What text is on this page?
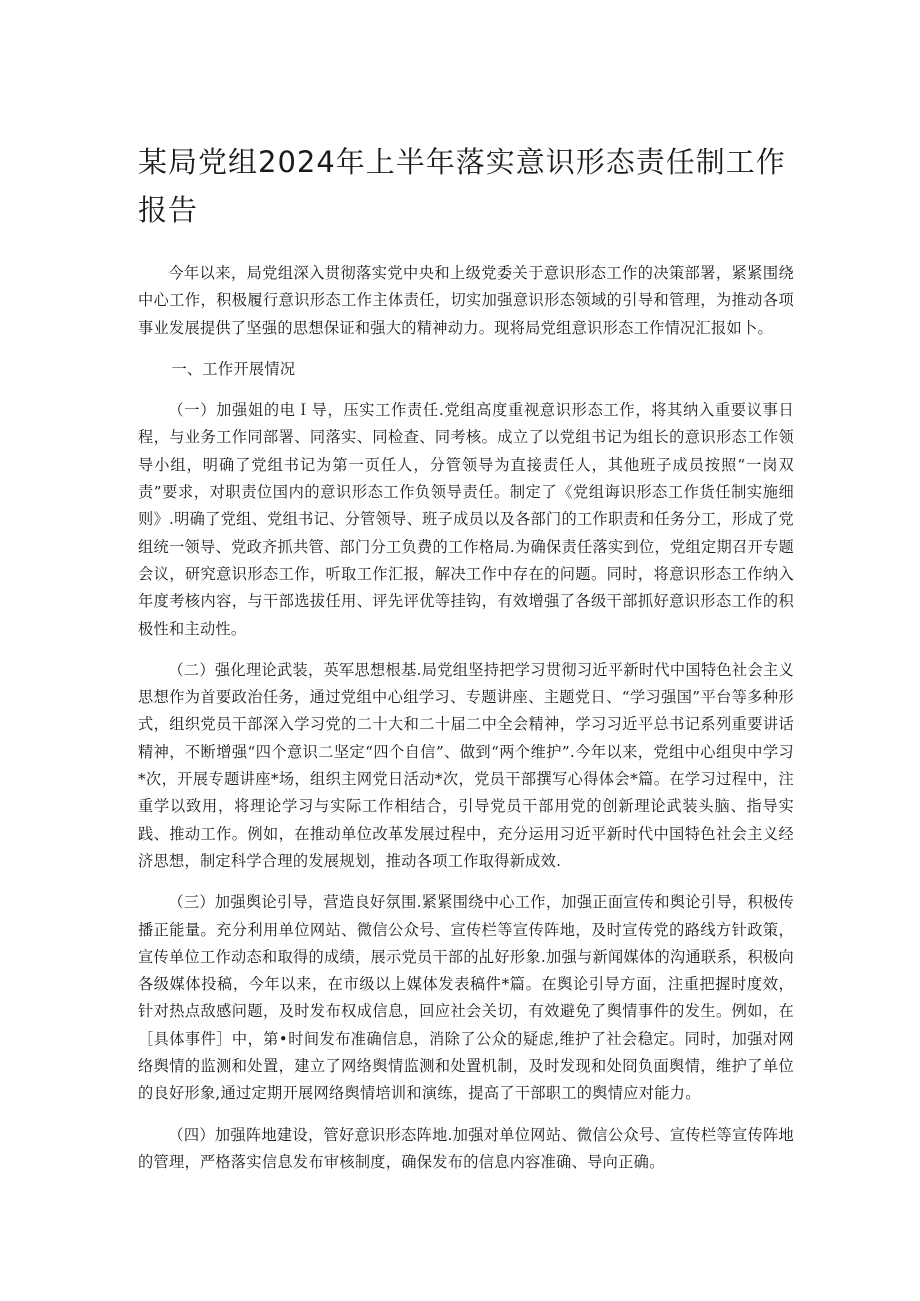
某局党组2024年上半年落实意识形态责任制工作报告

今年以来，局党组深入贯彻落实党中央和上级党委关于意识形态工作的决策部署，紧紧围绕中心工作，积极履行意识形态工作主体责任，切实加强意识形态领域的引导和管理，为推动各项事业发展提供了坚强的思想保证和强大的精神动力。现将局党组意识形态工作情况汇报如卜。

一、工作开展情况

（一）加强姐的电Ｉ导，压实工作责任.党组高度重视意识形态工作，将其纳入重要议事日程，与业务工作同部署、同落实、同检查、同考核。成立了以党组书记为组长的意识形态工作领导小组，明确了党组书记为第一页任人，分管领导为直接责任人，其他班子成员按照“一岗双责”要求，对职责位国内的意识形态工作负领导责任。制定了《党组诲识形态工作货任制实施细则》.明确了党组、党组书记、分管领导、班子成员以及各部门的工作职责和任务分工，形成了党组统一领导、党政齐抓共管、部门分工负费的工作格局.为确保责任落实到位，党组定期召开专题会议，研究意识形态工作，听取工作汇报，解决工作中存在的问题。同时，将意识形态工作纳入年度考核内容，与干部选拔任用、评先评优等挂钩，有效增强了各级干部抓好意识形态工作的积极性和主动性。

（二）强化理论武装，英军思想根基.局党组坚持把学习贯彻习近平新时代中国特色社会主义思想作为首要政治任务，通过党组中心组学习、专题讲座、主题党日、“学习强国”平台等多种形式，组织党员干部深入学习党的二十大和二十届二中全会精神，学习习近平总书记系列重要讲话精神，不断增强“四个意识二坚定“四个自信”、做到“两个维护”.今年以来，党组中心组臾中学习*次，开展专题讲座*场，组织主网党日活动*次，党员干部撰写心得体会*篇。在学习过程中，注重学以致用，将理论学习与实际工作相结合，引导党员干部用党的创新理论武装头脑、指导实践、推动工作。例如，在推动单位改革发展过程中，充分运用习近平新时代中国特色社会主义经济思想，制定科学合理的发展规划，推动各项工作取得新成效.

（三）加强舆论引导，营造良好氛围.紧紧围绕中心工作，加强正面宣传和舆论引导，积极传播正能量。充分利用单位网站、微信公众号、宣传栏等宣传阵地，及时宣传党的路线方针政策，宣传单位工作动态和取得的成绩，展示党员干部的乩好形象.加强与新闻媒体的沟通联系，积极向各级媒体投稿，今年以来，在市级以上媒体发表稿件*篇。在舆论引导方面，注重把握时度效，针对热点敌感问题，及时发布权成信息，回应社会关切，有效避免了舆情事件的发生。例如，在［具体事件］中，第•时间发布准确信息，消除了公众的疑虑,维护了社会稳定。同时，加强对网络舆情的监测和处置，建立了网络舆情监测和处置机制，及时发现和处冏负面舆情，维护了单位的良好形象,通过定期开展网络舆情培训和演练，提高了干部职工的舆情应对能力。

（四）加强阵地建设，管好意识形态阵地.加强对单位网站、微信公众号、宣传栏等宣传阵地的管理，严格落实信息发布审核制度，确保发布的信息内容准确、导向正确。
